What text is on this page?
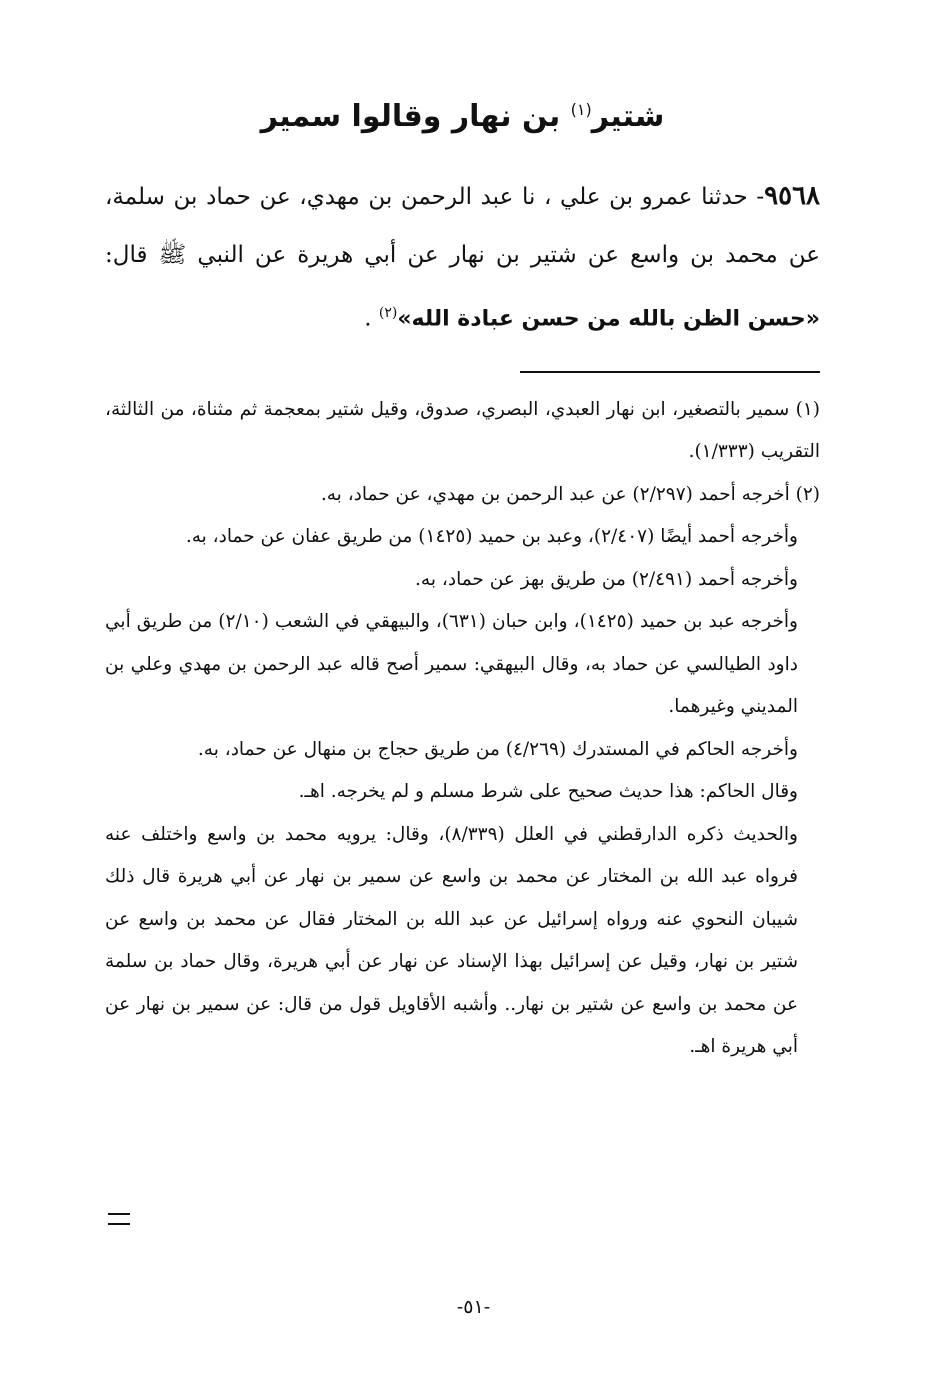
شتير$^{(١)}$ بن نهار وقالوا سمير
٩٥٦٨- حدثنا عمرو بن علي ، نا عبد الرحمن بن مهدي، عن حماد بن سلمة، عن محمد بن واسع عن شتير بن نهار عن أبي هريرة عن النبي ﷺ قال: «حسن الظن بالله من حسن عبادة الله»$^{(٢)}$ .

(١) سمير بالتصغير، ابن نهار العبدي، البصري، صدوق، وقيل شتير بمعجمة ثم مثناة، من الثالثة، التقريب (١/٣٣٣).

(٢) أخرجه أحمد (٢/٢٩٧) عن عبد الرحمن بن مهدي، عن حماد، به.

وأخرجه أحمد أيضًا (٢/٤٠٧)، وعبد بن حميد (١٤٢٥) من طريق عفان عن حماد، به.

وأخرجه أحمد (٢/٤٩١) من طريق بهز عن حماد، به.

وأخرجه عبد بن حميد (١٤٢٥)، وابن حبان (٦٣١)، والبيهقي في الشعب (٢/١٠) من طريق أبي داود الطيالسي عن حماد به، وقال البيهقي: سمير أصح قاله عبد الرحمن بن مهدي وعلي بن المديني وغيرهما.

وأخرجه الحاكم في المستدرك (٤/٢٦٩) من طريق حجاج بن منهال عن حماد، به.

وقال الحاكم: هذا حديث صحيح على شرط مسلم و لم يخرجه. اهـ.

والحديث ذكره الدارقطني في العلل (٨/٣٣٩)، وقال: يرويه محمد بن واسع واختلف عنه فرواه عبد الله بن المختار عن محمد بن واسع عن سمير بن نهار عن أبي هريرة قال ذلك شيبان النحوي عنه ورواه إسرائيل عن عبد الله بن المختار فقال عن محمد بن واسع عن شتير بن نهار، وقيل عن إسرائيل بهذا الإسناد عن نهار عن أبي هريرة، وقال حماد بن سلمة عن محمد بن واسع عن شتير بن نهار.. وأشبه الأقاويل قول من قال: عن سمير بن نهار عن أبي هريرة اهـ.

-٥١-
